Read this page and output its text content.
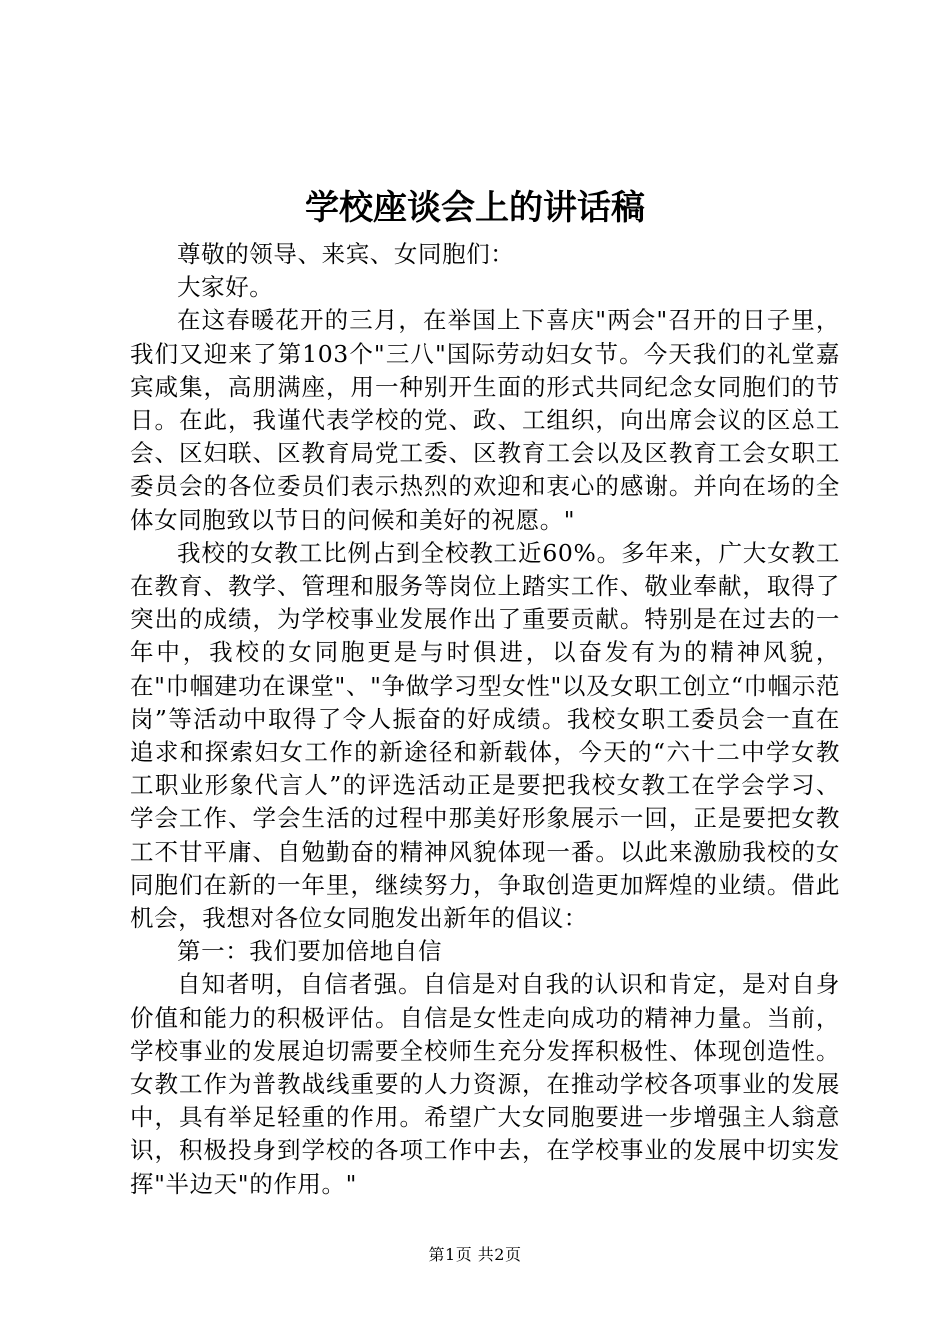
学校座谈会上的讲话稿

尊敬的领导、来宾、女同胞们：

大家好。

在这春暖花开的三月，在举国上下喜庆"两会"召开的日子里，我们又迎来了第103个"三八"国际劳动妇女节。今天我们的礼堂嘉宾咸集，高朋满座，用一种别开生面的形式共同纪念女同胞们的节日。在此，我谨代表学校的党、政、工组织，向出席会议的区总工会、区妇联、区教育局党工委、区教育工会以及区教育工会女职工委员会的各位委员们表示热烈的欢迎和衷心的感谢。并向在场的全体女同胞致以节日的问候和美好的祝愿。"

我校的女教工比例占到全校教工近60%。多年来，广大女教工在教育、教学、管理和服务等岗位上踏实工作、敬业奉献，取得了突出的成绩，为学校事业发展作出了重要贡献。特别是在过去的一年中，我校的女同胞更是与时俱进，以奋发有为的精神风貌，在"巾帼建功在课堂"、"争做学习型女性"以及女职工创立“巾帼示范岗”等活动中取得了令人振奋的好成绩。我校女职工委员会一直在追求和探索妇女工作的新途径和新载体，今天的“六十二中学女教工职业形象代言人”的评选活动正是要把我校女教工在学会学习、学会工作、学会生活的过程中那美好形象展示一回，正是要把女教工不甘平庸、自勉勤奋的精神风貌体现一番。以此来激励我校的女同胞们在新的一年里，继续努力，争取创造更加辉煌的业绩。借此机会，我想对各位女同胞发出新年的倡议：

第一：我们要加倍地自信

自知者明，自信者强。自信是对自我的认识和肯定，是对自身价值和能力的积极评估。自信是女性走向成功的精神力量。当前，学校事业的发展迫切需要全校师生充分发挥积极性、体现创造性。女教工作为普教战线重要的人力资源，在推动学校各项事业的发展中，具有举足轻重的作用。希望广大女同胞要进一步增强主人翁意识，积极投身到学校的各项工作中去，在学校事业的发展中切实发挥"半边天"的作用。"

第1页 共2页
